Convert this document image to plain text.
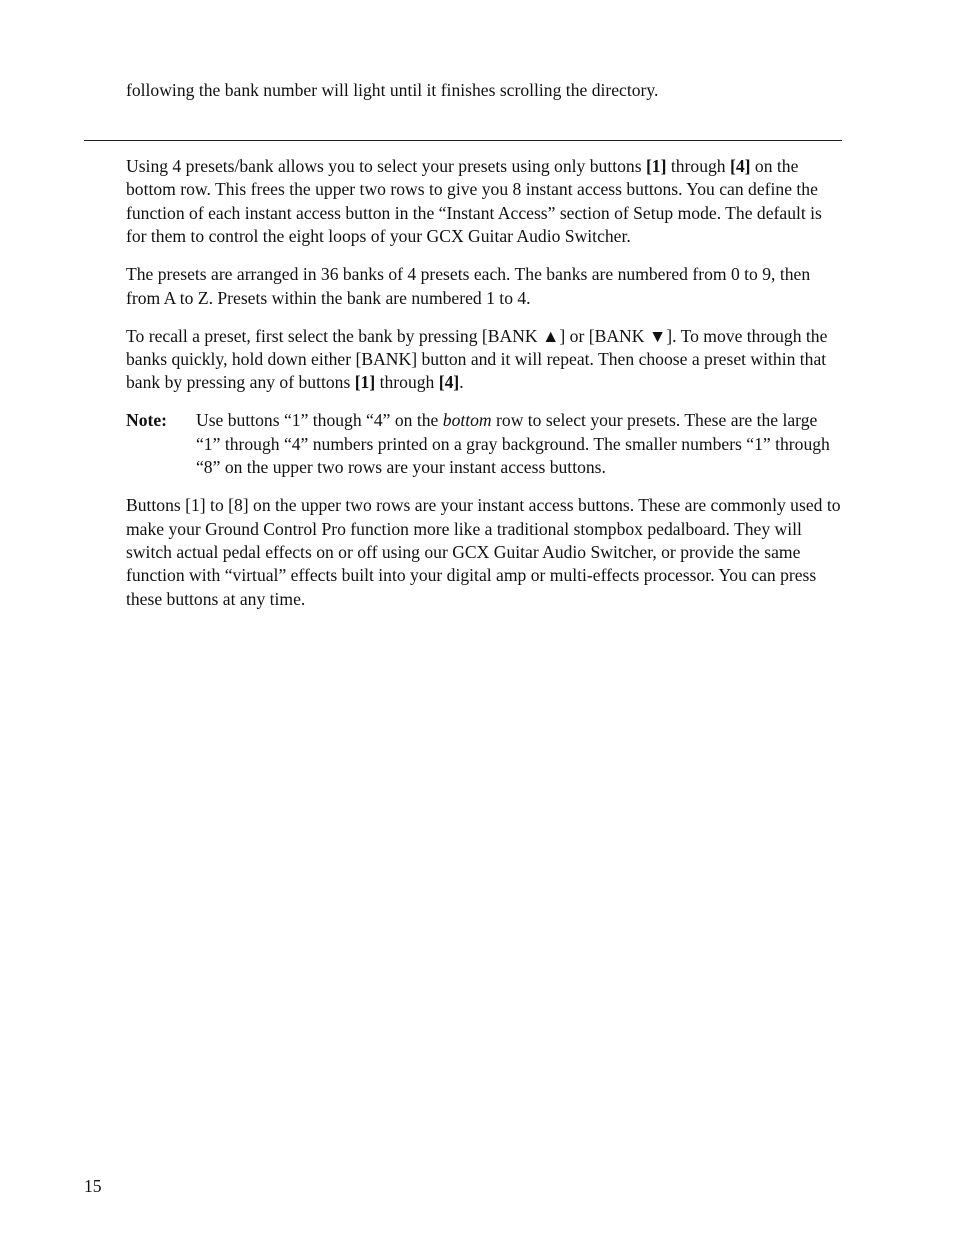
following the bank number will light until it finishes scrolling the directory.

Using 4 presets/bank allows you to select your presets using only buttons [1] through [4] on the bottom row. This frees the upper two rows to give you 8 instant access buttons. You can define the function of each instant access button in the “Instant Access” section of Setup mode. The default is for them to control the eight loops of your GCX Guitar Audio Switcher.

The presets are arranged in 36 banks of 4 presets each. The banks are numbered from 0 to 9, then from A to Z. Presets within the bank are numbered 1 to 4.

To recall a preset, first select the bank by pressing [BANK ▲] or [BANK ▼]. To move through the banks quickly, hold down either [BANK] button and it will repeat. Then choose a preset within that bank by pressing any of buttons [1] through [4].

Note:	Use buttons “1” though “4” on the bottom row to select your presets. These are the large “1” through “4” numbers printed on a gray background. The smaller numbers “1” through “8” on the upper two rows are your instant access buttons.

Buttons [1] to [8] on the upper two rows are your instant access buttons. These are commonly used to make your Ground Control Pro function more like a traditional stompbox pedalboard. They will switch actual pedal effects on or off using our GCX Guitar Audio Switcher, or provide the same function with “virtual” effects built into your digital amp or multi-effects processor. You can press these buttons at any time.

15
